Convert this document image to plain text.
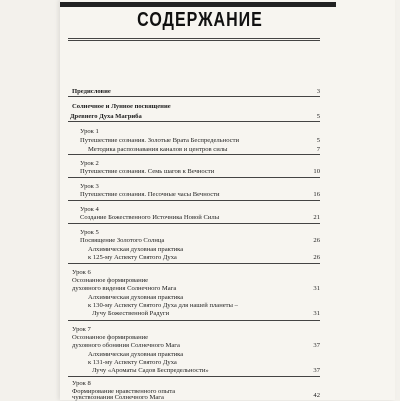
СОДЕРЖАНИЕ
Предисловие	3
Солнечное и Лунное посвящение
Древнего Духа Магриба	5
Урок 1
Путешествие сознания. Золотые Врата Беспредельности	5
Методика распознавания каналов и центров силы	7
Урок 2
Путешествие сознания. Семь шагов к Вечности	10
Урок 3
Путешествие сознания. Песочные часы Вечности	16
Урок 4
Создание Божественного Источника Новой Силы	21
Урок 5
Посвящение Золотого Солнца	26
Алхимическая духовная практика
к 125-му Аспекту Святого Духа	26
Урок 6
Осознанное формирование
духовного видения Солнечного Мага	31
Алхимическая духовная практика
к 130-му Аспекту Святого Духа для нашей планеты –
Лучу Божественной Радуги	31
Урок 7
Осознанное формирование
духовного обоняния Солнечного Мага	37
Алхимическая духовная практика
к 131-му Аспекту Святого Духа
Лучу «Ароматы Садов Беспредельности»	37
Урок 8
Формирование нравственного опыта
чувствознания Солнечного Мага	42
